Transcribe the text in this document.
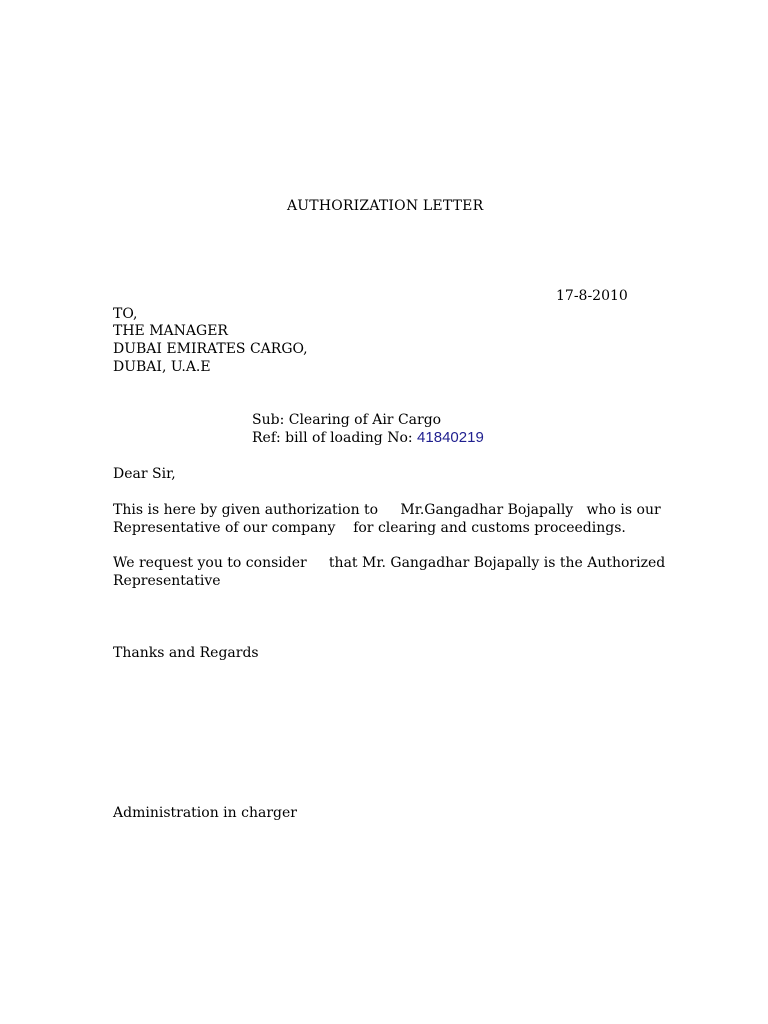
AUTHORIZATION LETTER
17-8-2010
TO,
THE MANAGER
DUBAI EMIRATES CARGO,
DUBAI, U.A.E
Sub: Clearing of Air Cargo
Ref: bill of loading No: 41840219
Dear Sir,
This is here by given authorization to     Mr.Gangadhar Bojapally   who is our
Representative of our company    for clearing and customs proceedings.
We request you to consider     that Mr. Gangadhar Bojapally is the Authorized
Representative
Thanks and Regards
Administration in charger
